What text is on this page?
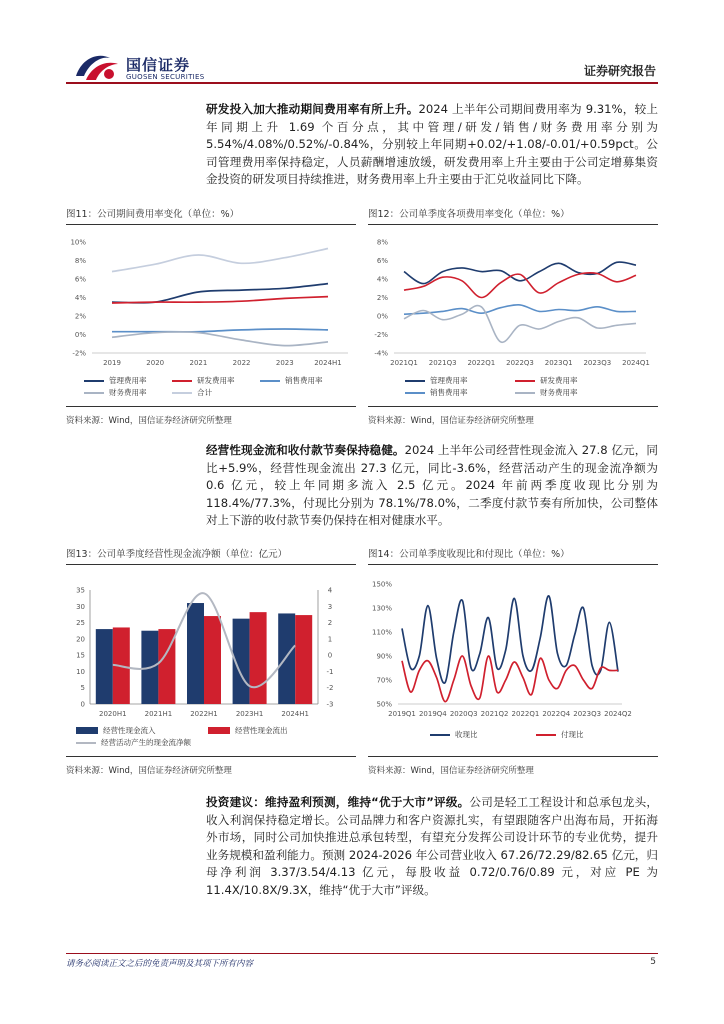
国信证券
GUOSEN SECURITIES	证券研究报告

研发投入加大推动期间费用率有所上升。2024 上半年公司期间费用率为 9.31%，较上年同期上升 1.69 个百分点，其中管理/研发/销售/财务费用率分别为 5.54%/4.08%/0.52%/-0.84%，分别较上年同期+0.02/+1.08/-0.01/+0.59pct。公司管理费用率保持稳定，人员薪酬增速放缓，研发费用率上升主要由于公司定增募集资金投资的研发项目持续推进，财务费用率上升主要由于汇兑收益同比下降。

图11：公司期间费用率变化（单位：%）
10%
8%
6%
4%
2%
0%
-2%
2019	2020	2021	2022	2023	2024H1
管理费用率	研发费用率	销售费用率
财务费用率	合计
资料来源：Wind，国信证券经济研究所整理
图12：公司单季度各项费用率变化（单位：%）
8%
6%
4%
2%
0%
-2%
-4%
2021Q1 2021Q3 2022Q1 2022Q3 2023Q1 2023Q3 2024Q1
管理费用率	研发费用率
销售费用率	财务费用率
资料来源：Wind，国信证券经济研究所整理

经营性现金流和收付款节奏保持稳健。2024 上半年公司经营性现金流入 27.8 亿元，同比+5.9%，经营性现金流出 27.3 亿元，同比-3.6%，经营活动产生的现金流净额为 0.6 亿元，较上年同期多流入 2.5 亿元。2024 年前两季度收现比分别为 118.4%/77.3%，付现比分别为 78.1%/78.0%，二季度付款节奏有所加快，公司整体对上下游的收付款节奏仍保持在相对健康水平。

图13：公司单季度经营性现金流净额（单位：亿元）
35
30
25
20
15
10
5
0
4
3
2
1
0
-1
-2
-3
2020H1	2021H1	2022H1	2023H1	2024H1
经营性现金流入	经营性现金流出
经营活动产生的现金流净额
资料来源：Wind，国信证券经济研究所整理
图14：公司单季度收现比和付现比（单位：%）
150%
130%
110%
90%
70%
50%
2019Q1 2019Q4 2020Q3 2021Q2 2022Q1 2022Q4 2023Q3 2024Q2
收现比	付现比
资料来源：Wind，国信证券经济研究所整理

投资建议：维持盈利预测，维持“优于大市”评级。公司是轻工工程设计和总承包龙头，收入利润保持稳定增长。公司品牌力和客户资源扎实，有望跟随客户出海布局，开拓海外市场，同时公司加快推进总承包转型，有望充分发挥公司设计环节的专业优势，提升业务规模和盈利能力。预测 2024-2026 年公司营业收入 67.26/72.29/82.65 亿元，归母净利润 3.37/3.54/4.13 亿元，每股收益 0.72/0.76/0.89 元，对应 PE 为 11.4X/10.8X/9.3X，维持“优于大市”评级。

请务必阅读正文之后的免责声明及其项下所有内容	5
